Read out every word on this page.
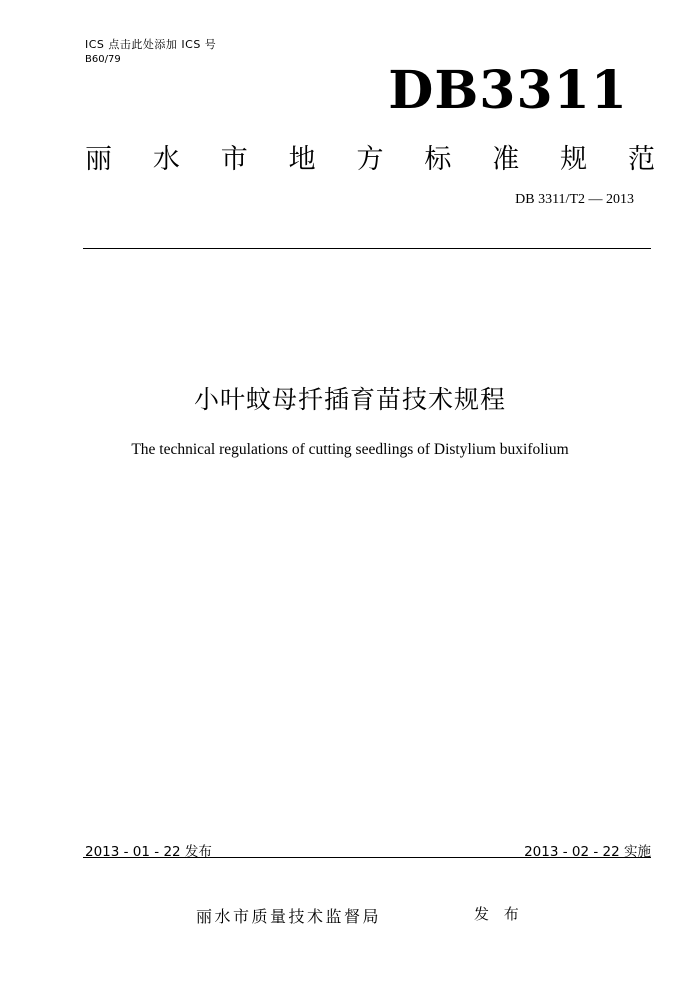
ICS 点击此处添加 ICS 号
B60/79
DB3311
丽 水 市 地 方 标 准 规 范
DB 3311/T2 — 2013
小叶蚊母扦插育苗技术规程
The technical regulations of cutting seedlings of Distylium buxifolium
2013 - 01 - 22 发布	2013 - 02 - 22 实施
丽水市质量技术监督局	发 布
